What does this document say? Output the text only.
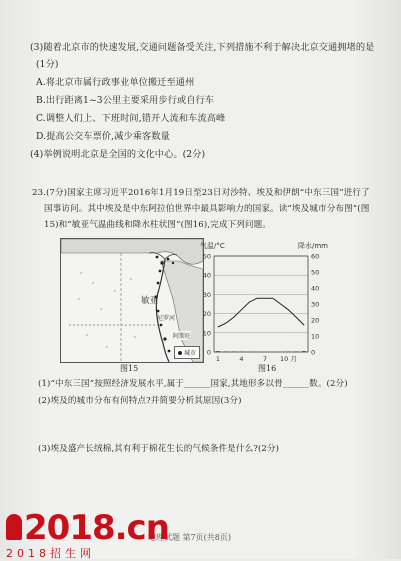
(3)随着北京市的快速发展,交通问题备受关注,下列措施不利于解决北京交通拥堵的是
(1分)
A.将北京市属行政事业单位搬迁至通州
B.出行距离1~3公里主要采用步行或自行车
C.调整人们上、下班时间,错开人流和车流高峰
D.提高公交车票价,减少乘客数量
(4)举例说明北京是全国的文化中心。(2分)
23.(7分)国家主席习近平2016年1月19日至23日对沙特、埃及和伊朗“中东三国”进行了
国事访问。其中埃及是中东阿拉伯世界中最具影响力的国家。读“埃及城市分布图”(图
15)和“敏亚气温曲线和降水柱状图”(图16),完成下列问题。
敏亚
尼罗河
阿斯旺
城市
图15
50
40
30
20
10
0
60
50
40
30
20
10
0
气温/°C	降水/mm
1	4	7 10 月
图16
(1)“中东三国”按照经济发展水平,属于______国家,其地形多以骨______数。(2分)
(2)埃及的城市分布有何特点?并简要分析其原因(3分)
(3)埃及盛产长绒棉,其有利于棉花生长的气候条件是什么?(2分)
地理试题 第7页(共8页)
2018.cn
2018招生网
